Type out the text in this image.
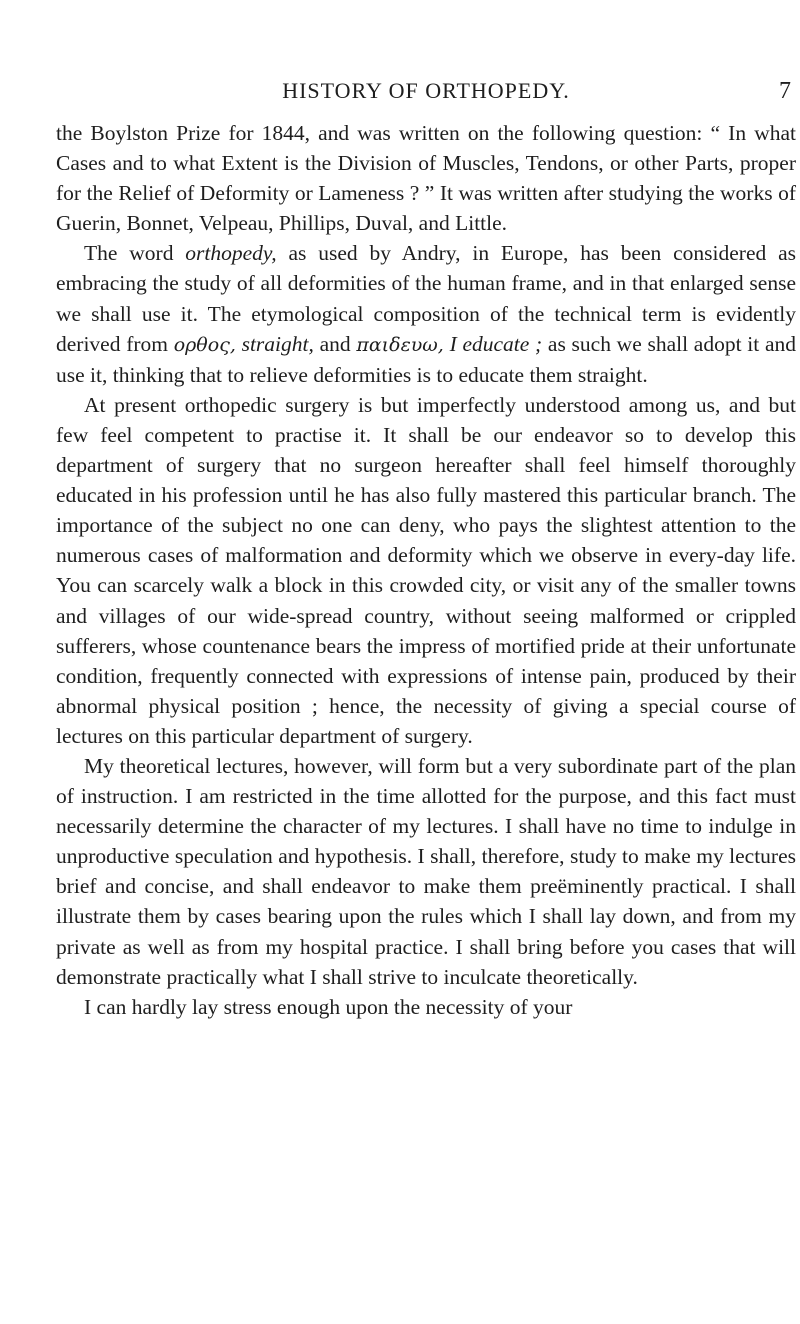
HISTORY OF ORTHOPEDY.	7

the Boylston Prize for 1844, and was written on the following question: “ In what Cases and to what Extent is the Division of Muscles, Tendons, or other Parts, proper for the Relief of Deformity or Lameness ? ” It was written after studying the works of Guerin, Bonnet, Velpeau, Phillips, Duval, and Little.

The word orthopedy, as used by Andry, in Europe, has been considered as embracing the study of all deformities of the human frame, and in that enlarged sense we shall use it. The etymological composition of the technical term is evidently derived from ορθος, straight, and παιδευω, I educate ; as such we shall adopt it and use it, thinking that to relieve deformities is to educate them straight.

At present orthopedic surgery is but imperfectly understood among us, and but few feel competent to practise it. It shall be our endeavor so to develop this department of surgery that no surgeon hereafter shall feel himself thoroughly educated in his profession until he has also fully mastered this particular branch. The importance of the subject no one can deny, who pays the slightest attention to the numerous cases of malformation and deformity which we observe in every-day life. You can scarcely walk a block in this crowded city, or visit any of the smaller towns and villages of our wide-spread country, without seeing malformed or crippled sufferers, whose countenance bears the impress of mortified pride at their unfortunate condition, frequently connected with expressions of intense pain, produced by their abnormal physical position ; hence, the necessity of giving a special course of lectures on this particular department of surgery.

My theoretical lectures, however, will form but a very subordinate part of the plan of instruction. I am restricted in the time allotted for the purpose, and this fact must necessarily determine the character of my lectures. I shall have no time to indulge in unproductive speculation and hypothesis. I shall, therefore, study to make my lectures brief and concise, and shall endeavor to make them preëminently practical. I shall illustrate them by cases bearing upon the rules which I shall lay down, and from my private as well as from my hospital practice. I shall bring before you cases that will demonstrate practically what I shall strive to inculcate theoretically.

I can hardly lay stress enough upon the necessity of your
